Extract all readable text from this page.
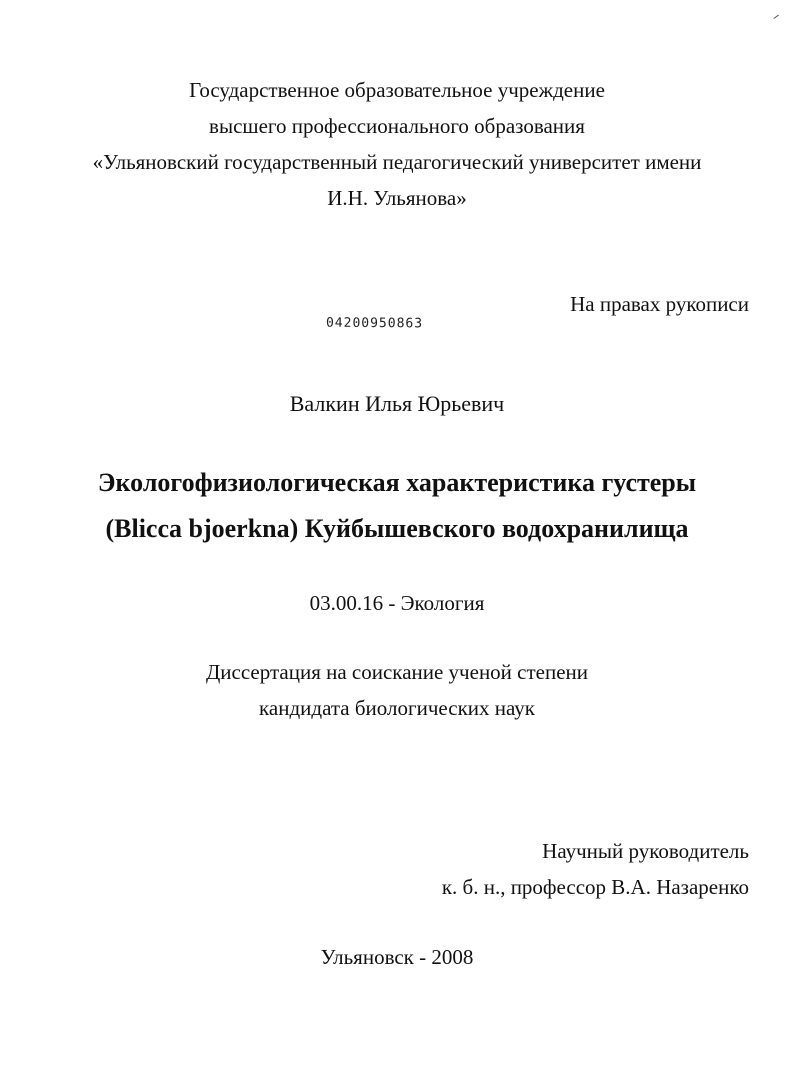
Государственное образовательное учреждение
высшего профессионального образования
«Ульяновский государственный педагогический университет имени
И.Н. Ульянова»
На правах рукописи
04200950863
Валкин Илья Юрьевич
Экологофизиологическая характеристика густеры
(Blicca bjoerkna) Куйбышевского водохранилища
03.00.16 - Экология
Диссертация на соискание ученой степени
кандидата биологических наук
Научный руководитель
к. б. н., профессор В.А. Назаренко
Ульяновск - 2008
